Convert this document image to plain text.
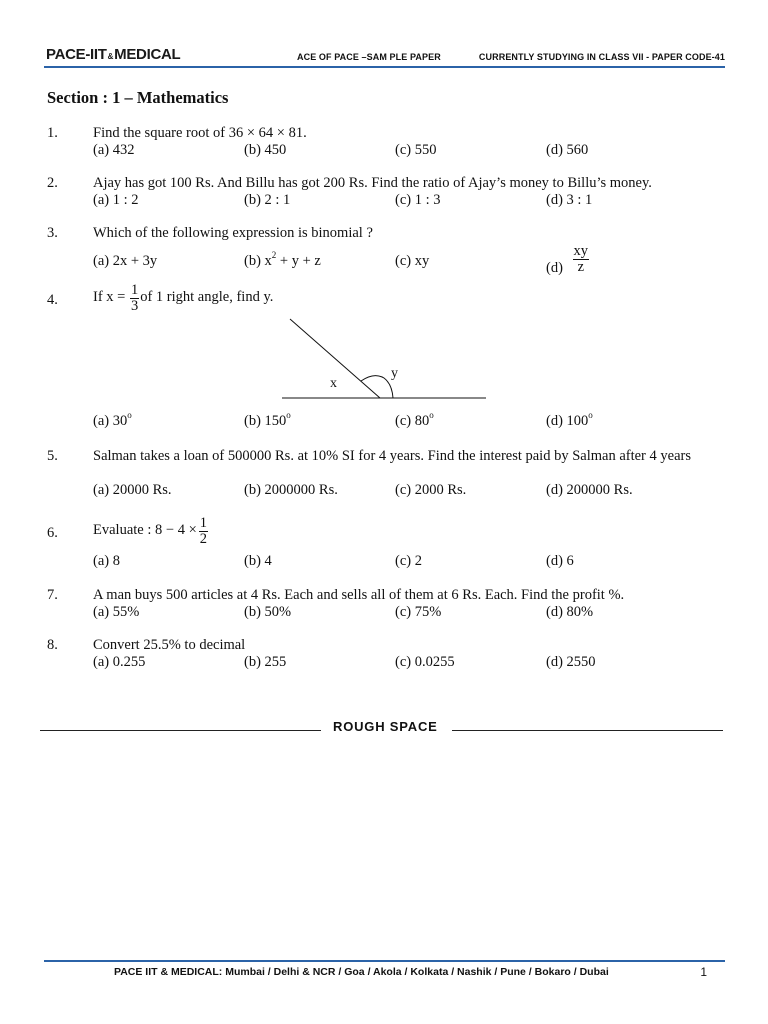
PACE-IIT&MEDICAL	ACE OF PACE –SAM PLE PAPER	CURRENTLY STUDYING IN CLASS VII - PAPER CODE-41
Section : 1 – Mathematics
1. Find the square root of 36 × 64 × 81.
(a) 432	(b) 450	(c) 550	(d) 560
2. Ajay has got 100 Rs. And Billu has got 200 Rs. Find the ratio of Ajay’s money to Billu’s money.
(a) 1 : 2	(b) 2 : 1	(c) 1 : 3	(d) 3 : 1
3. Which of the following expression is binomial ?
(a) 2x + 3y	(b) $x^2 + y + z$	(c) xy	$(d) \frac{xy}{z}$
4. If $x = \frac{1}{3}$ of 1 right angle, find y.
x
y
(a) 30$^o$	(b) 150$^o$	(c) 80$^o$	(d) 100$^o$
5. Salman takes a loan of 500000 Rs. at 10% SI for 4 years. Find the interest paid by Salman after 4 years
(a) 20000 Rs.	(b) 2000000 Rs.	(c) 2000 Rs.	(d) 200000 Rs.
6. Evaluate : $8 - 4 \times \frac{1}{2}$
(a) 8	(b) 4	(c) 2	(d) 6
7. A man buys 500 articles at 4 Rs. Each and sells all of them at 6 Rs. Each. Find the profit %.
(a) 55%	(b) 50%	(c) 75%	(d) 80%
8. Convert 25.5% to decimal
(a) 0.255	(b) 255	(c) 0.0255	(d) 2550
ROUGH SPACE
PACE IIT & MEDICAL: Mumbai / Delhi & NCR / Goa / Akola / Kolkata / Nashik / Pune / Bokaro / Dubai	1
